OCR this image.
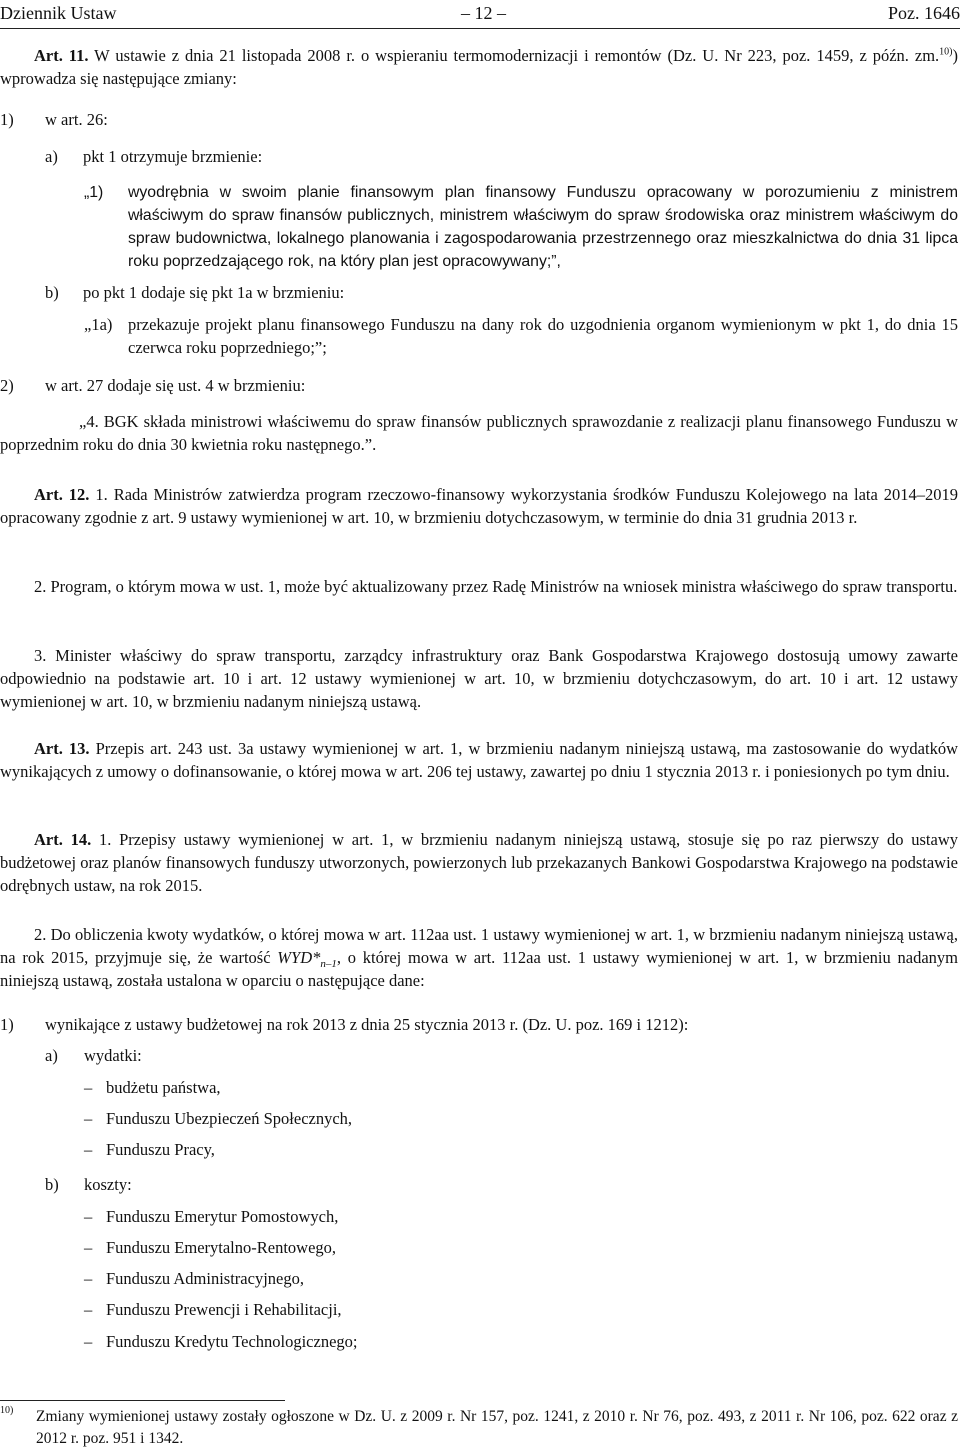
Dziennik Ustaw	– 12 –	Poz. 1646

Art. 11. W ustawie z dnia 21 listopada 2008 r. o wspieraniu termomodernizacji i remontów (Dz. U. Nr 223, poz. 1459, z późn. zm.$^{10)}$) wprowadza się następujące zmiany:

1) w art. 26:
a) pkt 1 otrzymuje brzmienie:
„1) wyodrębnia w swoim planie finansowym plan finansowy Funduszu opracowany w porozumieniu z ministrem właściwym do spraw finansów publicznych, ministrem właściwym do spraw środowiska oraz ministrem właściwym do spraw budownictwa, lokalnego planowania i zagospodarowania przestrzennego oraz mieszkalnictwa do dnia 31 lipca roku poprzedzającego rok, na który plan jest opracowywany;”,

b) po pkt 1 dodaje się pkt 1a w brzmieniu:
„1a) przekazuje projekt planu finansowego Funduszu na dany rok do uzgodnienia organom wymienionym w pkt 1, do dnia 15 czerwca roku poprzedniego;”;

2) w art. 27 dodaje się ust. 4 w brzmieniu:

„4. BGK składa ministrowi właściwemu do spraw finansów publicznych sprawozdanie z realizacji planu finansowego Funduszu w poprzednim roku do dnia 30 kwietnia roku następnego.”.

Art. 12. 1. Rada Ministrów zatwierdza program rzeczowo-finansowy wykorzystania środków Funduszu Kolejowego na lata 2014–2019 opracowany zgodnie z art. 9 ustawy wymienionej w art. 10, w brzmieniu dotychczasowym, w terminie do dnia 31 grudnia 2013 r.

2. Program, o którym mowa w ust. 1, może być aktualizowany przez Radę Ministrów na wniosek ministra właściwego do spraw transportu.

3. Minister właściwy do spraw transportu, zarządcy infrastruktury oraz Bank Gospodarstwa Krajowego dostosują umowy zawarte odpowiednio na podstawie art. 10 i art. 12 ustawy wymienionej w art. 10, w brzmieniu dotychczasowym, do art. 10 i art. 12 ustawy wymienionej w art. 10, w brzmieniu nadanym niniejszą ustawą.

Art. 13. Przepis art. 243 ust. 3a ustawy wymienionej w art. 1, w brzmieniu nadanym niniejszą ustawą, ma zastosowanie do wydatków wynikających z umowy o dofinansowanie, o której mowa w art. 206 tej ustawy, zawartej po dniu 1 stycznia 2013 r. i poniesionych po tym dniu.

Art. 14. 1. Przepisy ustawy wymienionej w art. 1, w brzmieniu nadanym niniejszą ustawą, stosuje się po raz pierwszy do ustawy budżetowej oraz planów finansowych funduszy utworzonych, powierzonych lub przekazanych Bankowi Gospodarstwa Krajowego na podstawie odrębnych ustaw, na rok 2015.

2. Do obliczenia kwoty wydatków, o której mowa w art. 112aa ust. 1 ustawy wymienionej w art. 1, w brzmieniu nadanym niniejszą ustawą, na rok 2015, przyjmuje się, że wartość $WYD*_{n-1}$, o której mowa w art. 112aa ust. 1 ustawy wymienionej w art. 1, w brzmieniu nadanym niniejszą ustawą, została ustalona w oparciu o następujące dane:

1) wynikające z ustawy budżetowej na rok 2013 z dnia 25 stycznia 2013 r. (Dz. U. poz. 169 i 1212):
a) wydatki:
– budżetu państwa,
– Funduszu Ubezpieczeń Społecznych,
– Funduszu Pracy,
b) koszty:
– Funduszu Emerytur Pomostowych,
– Funduszu Emerytalno-Rentowego,
– Funduszu Administracyjnego,
– Funduszu Prewencji i Rehabilitacji,
– Funduszu Kredytu Technologicznego;
$^{10)}$ Zmiany wymienionej ustawy zostały ogłoszone w Dz. U. z 2009 r. Nr 157, poz. 1241, z 2010 r. Nr 76, poz. 493, z 2011 r. Nr 106, poz. 622 oraz z 2012 r. poz. 951 i 1342.
